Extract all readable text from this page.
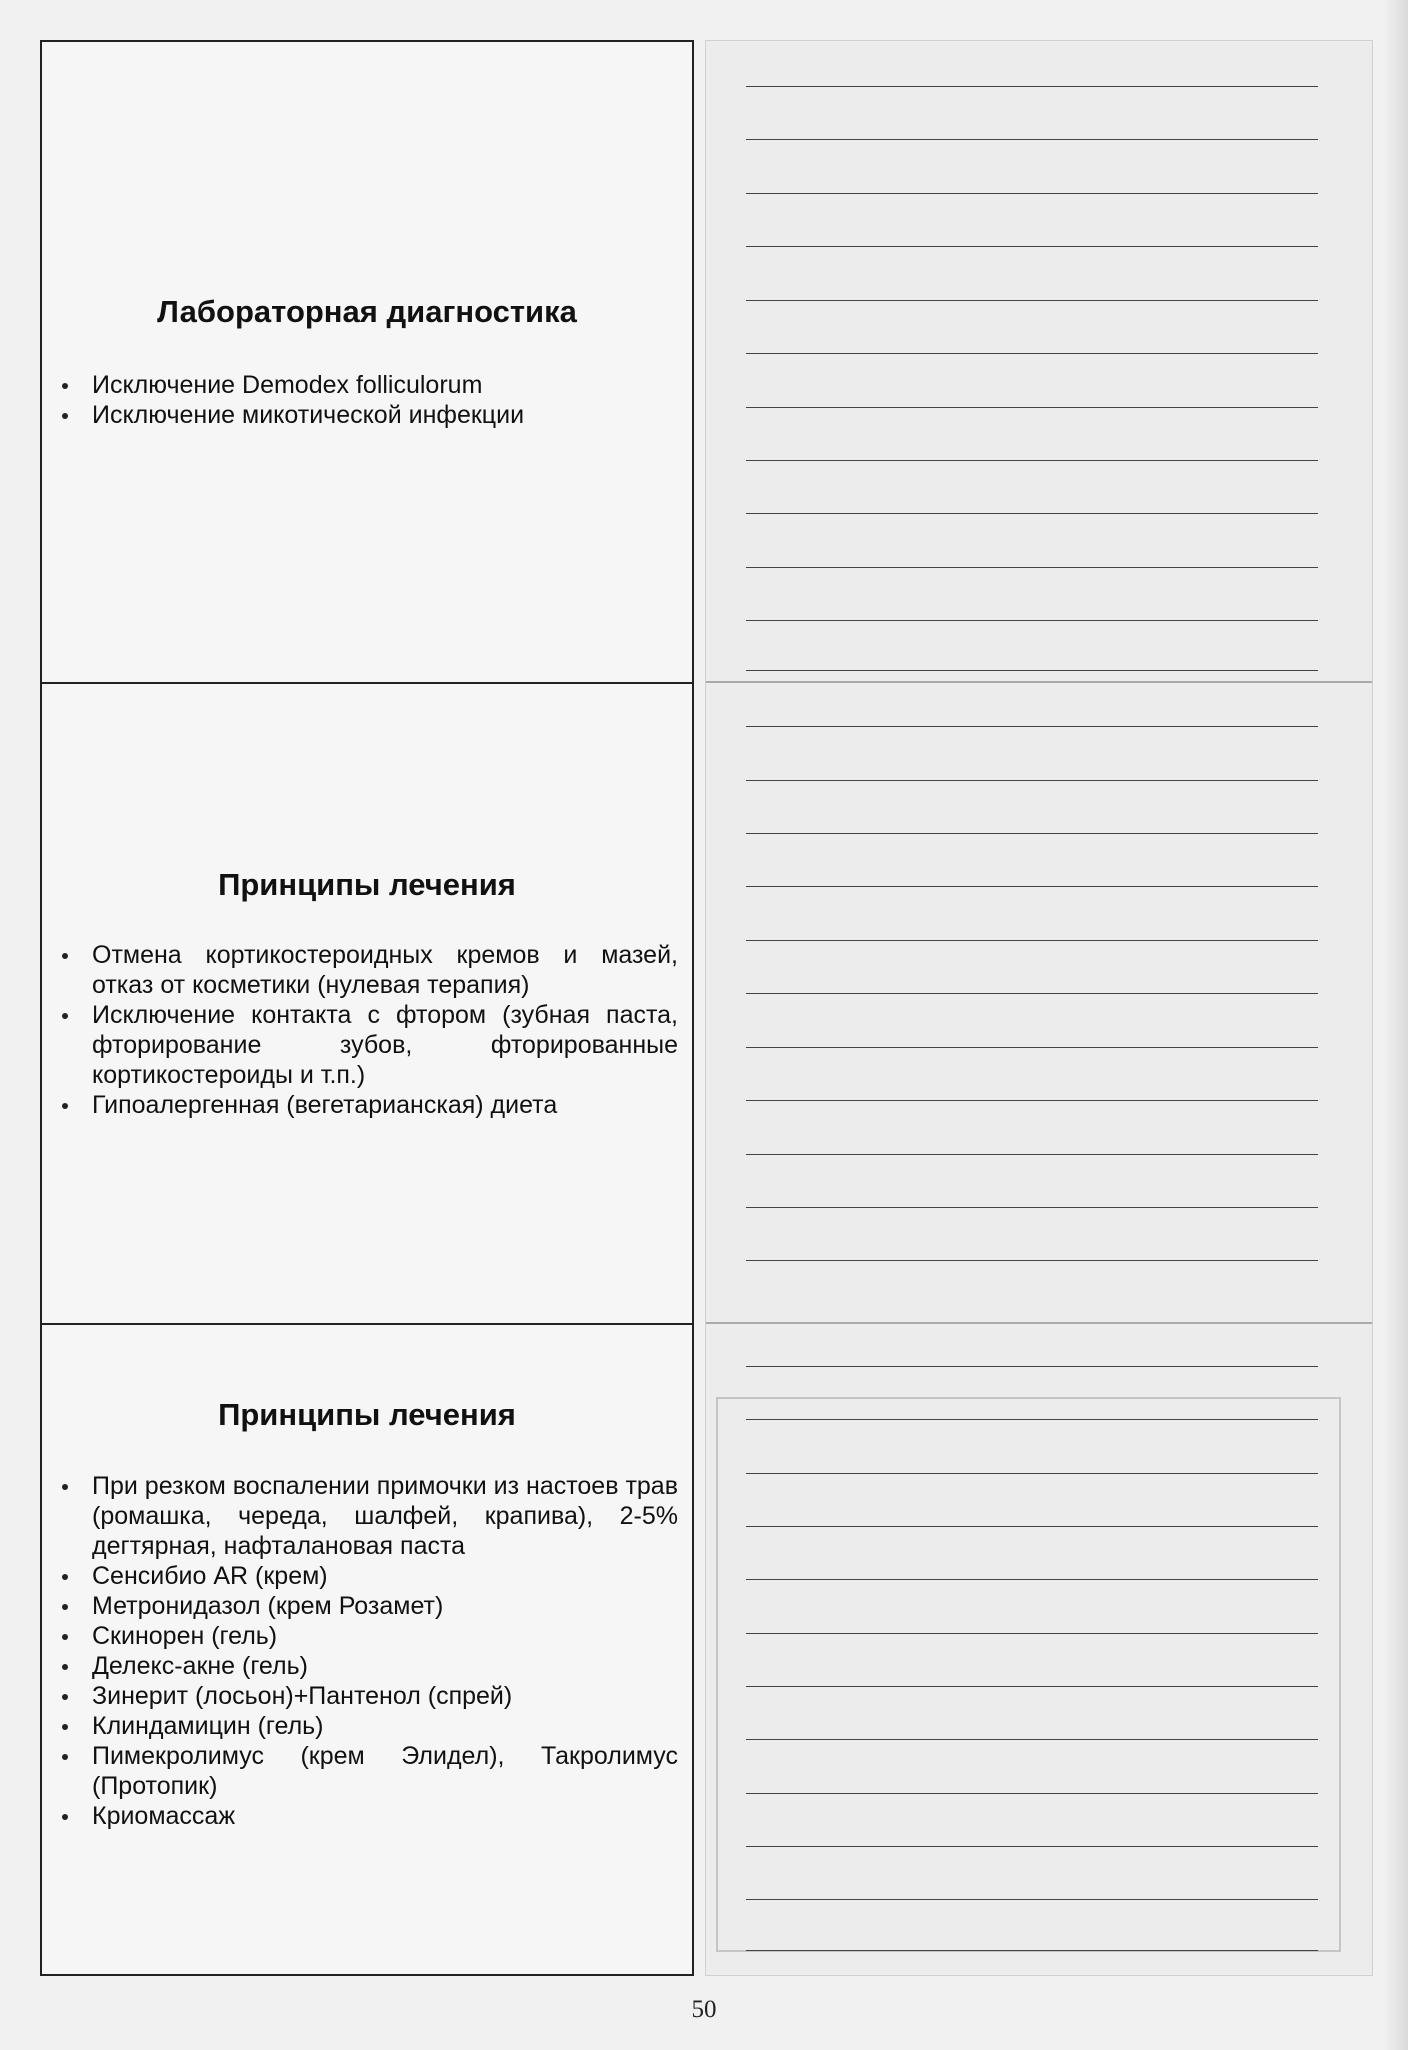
Лабораторная диагностика
Исключение Demodex folliculorum
Исключение микотической инфекции
Принципы лечения
Отмена кортикостероидных кремов и мазей, отказ от косметики (нулевая терапия)
Исключение контакта с фтором (зубная паста, фторирование зубов, фторированные кортикостероиды и т.п.)
Гипоалергенная (вегетарианская) диета
Принципы лечения
При резком воспалении примочки из настоев трав (ромашка, череда, шалфей, крапива), 2-5% дегтярная, нафталановая паста
Сенсибио AR (крем)
Метронидазол (крем Розамет)
Скинорен (гель)
Делекс-акне (гель)
Зинерит (лосьон)+Пантенол (спрей)
Клиндамицин (гель)
Пимекролимус (крем Элидел), Такролимус (Протопик)
Криомассаж
50
